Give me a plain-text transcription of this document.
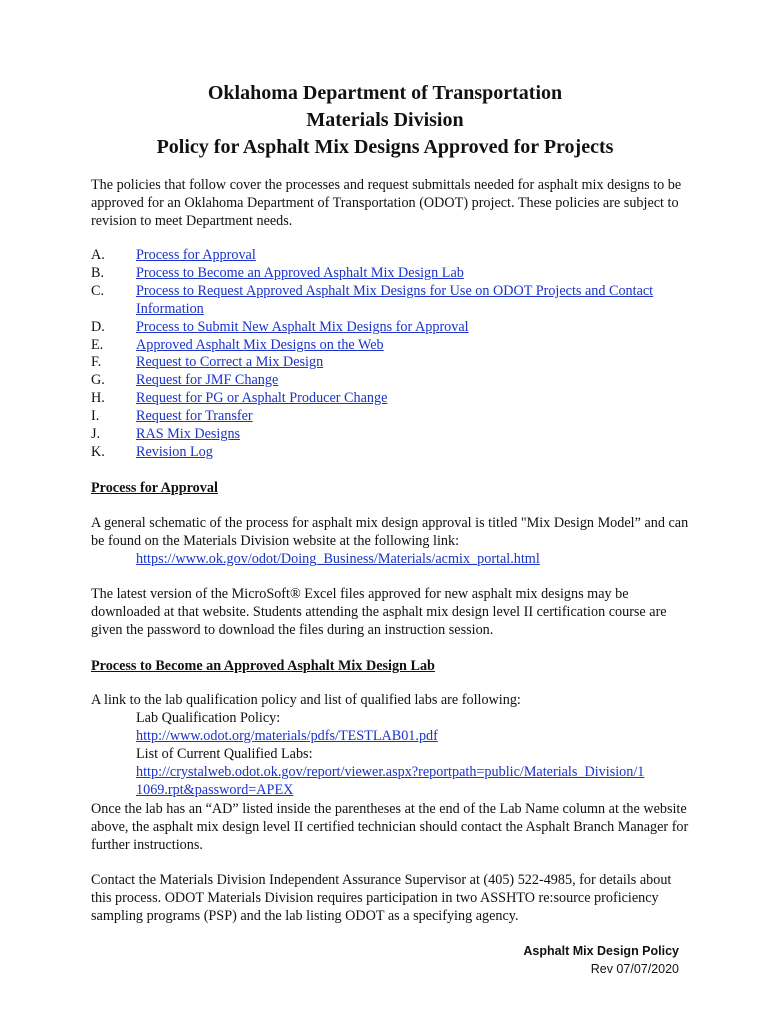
Oklahoma Department of Transportation
Materials Division
Policy for Asphalt Mix Designs Approved for Projects
The policies that follow cover the processes and request submittals needed for asphalt mix designs to be approved for an Oklahoma Department of Transportation (ODOT) project. These policies are subject to revision to meet Department needs.
A.	Process for Approval
B.	Process to Become an Approved Asphalt Mix Design Lab
C.	Process to Request Approved Asphalt Mix Designs for Use on ODOT Projects and Contact Information
D.	Process to Submit New Asphalt Mix Designs for Approval
E.	Approved Asphalt Mix Designs on the Web
F.	Request to Correct a Mix Design
G.	Request for JMF Change
H.	Request for PG or Asphalt Producer Change
I.	Request for Transfer
J.	RAS Mix Designs
K.	Revision Log
Process for Approval
A general schematic of the process for asphalt mix design approval is titled "Mix Design Model” and can be found on the Materials Division website at the following link:
https://www.ok.gov/odot/Doing_Business/Materials/acmix_portal.html
The latest version of the MicroSoft® Excel files approved for new asphalt mix designs may be downloaded at that website. Students attending the asphalt mix design level II certification course are given the password to download the files during an instruction session.
Process to Become an Approved Asphalt Mix Design Lab
A link to the lab qualification policy and list of qualified labs are following:
Lab Qualification Policy:
http://www.odot.org/materials/pdfs/TESTLAB01.pdf
List of Current Qualified Labs:
http://crystalweb.odot.ok.gov/report/viewer.aspx?reportpath=public/Materials_Division/1
1069.rpt&password=APEX
Once the lab has an “AD” listed inside the parentheses at the end of the Lab Name column at the website above, the asphalt mix design level II certified technician should contact the Asphalt Branch Manager for further instructions.
Contact the Materials Division Independent Assurance Supervisor at (405) 522-4985, for details about this process. ODOT Materials Division requires participation in two ASSHTO re:source proficiency sampling programs (PSP) and the lab listing ODOT as a specifying agency.
Asphalt Mix Design Policy
Rev 07/07/2020
